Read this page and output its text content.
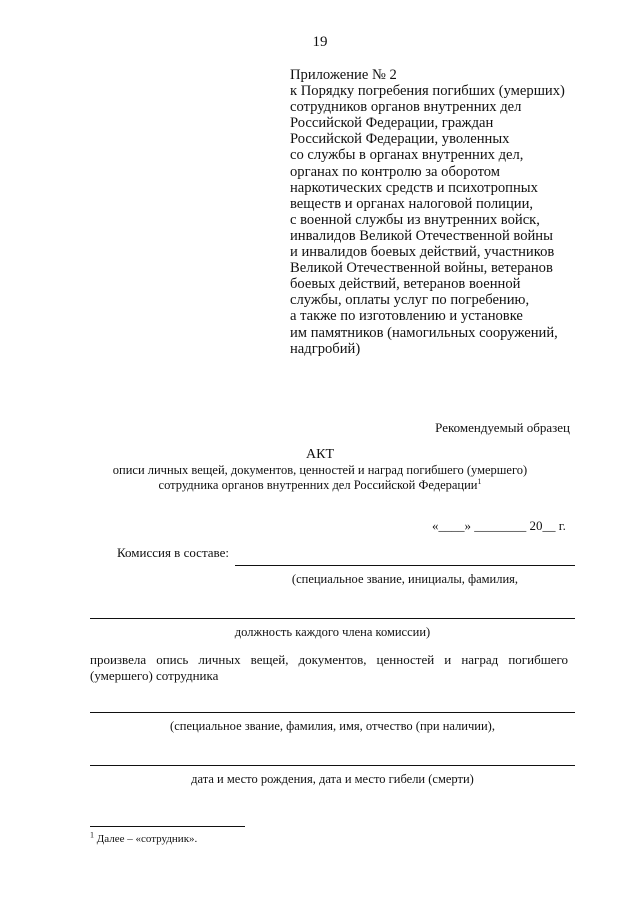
19
Приложение № 2
к Порядку погребения погибших (умерших)
сотрудников органов внутренних дел
Российской Федерации, граждан
Российской Федерации, уволенных
со службы в органах внутренних дел,
органах по контролю за оборотом
наркотических средств и психотропных
веществ и органах налоговой полиции,
с военной службы из внутренних войск,
инвалидов Великой Отечественной войны
и инвалидов боевых действий, участников
Великой Отечественной войны, ветеранов
боевых действий, ветеранов военной
службы, оплаты услуг по погребению,
а также по изготовлению и установке
им памятников (намогильных сооружений,
надгробий)
Рекомендуемый образец
АКТ
описи личных вещей, документов, ценностей и наград погибшего (умершего)
сотрудника органов внутренних дел Российской Федерации$^1$
«____» ________ 20__ г.
Комиссия в составе:
(специальное звание, инициалы, фамилия,
должность каждого члена комиссии)
произвела опись личных вещей, документов, ценностей и наград погибшего (умершего) сотрудника
(специальное звание, фамилия, имя, отчество (при наличии),
дата и место рождения, дата и место гибели (смерти)
$^1$ Далее – «сотрудник».
